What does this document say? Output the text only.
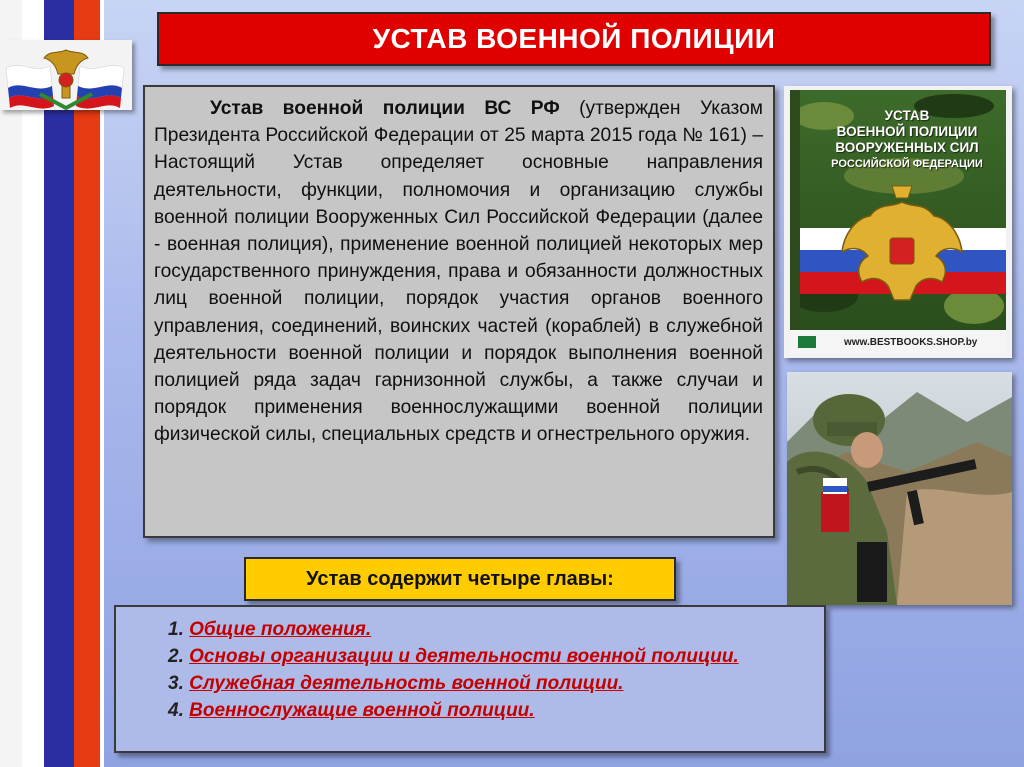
УСТАВ ВОЕННОЙ ПОЛИЦИИ

Устав военной полиции ВС РФ (утвержден Указом Президента Российской Федерации от 25 марта 2015 года № 161) – Настоящий Устав определяет основные направления деятельности, функции, полномочия и организацию службы военной полиции Вооруженных Сил Российской Федерации (далее - военная полиция), применение военной полицией некоторых мер государственного принуждения, права и обязанности должностных лиц военной полиции, порядок участия органов военного управления, соединений, воинских частей (кораблей) в служебной деятельности военной полиции и порядок выполнения военной полицией ряда задач гарнизонной службы, а также случаи и порядок применения военнослужащими военной полиции физической силы, специальных средств и огнестрельного оружия.

УСТАВ
ВОЕННОЙ ПОЛИЦИИ
ВООРУЖЕННЫХ СИЛ
РОССИЙСКОЙ ФЕДЕРАЦИИ
www.BESTBOOKS.SHOP.by
Устав содержит четыре главы:

1. Общие положения.

2. Основы организации и деятельности военной полиции.

3. Служебная деятельность военной полиции.

4. Военнослужащие военной полиции.
